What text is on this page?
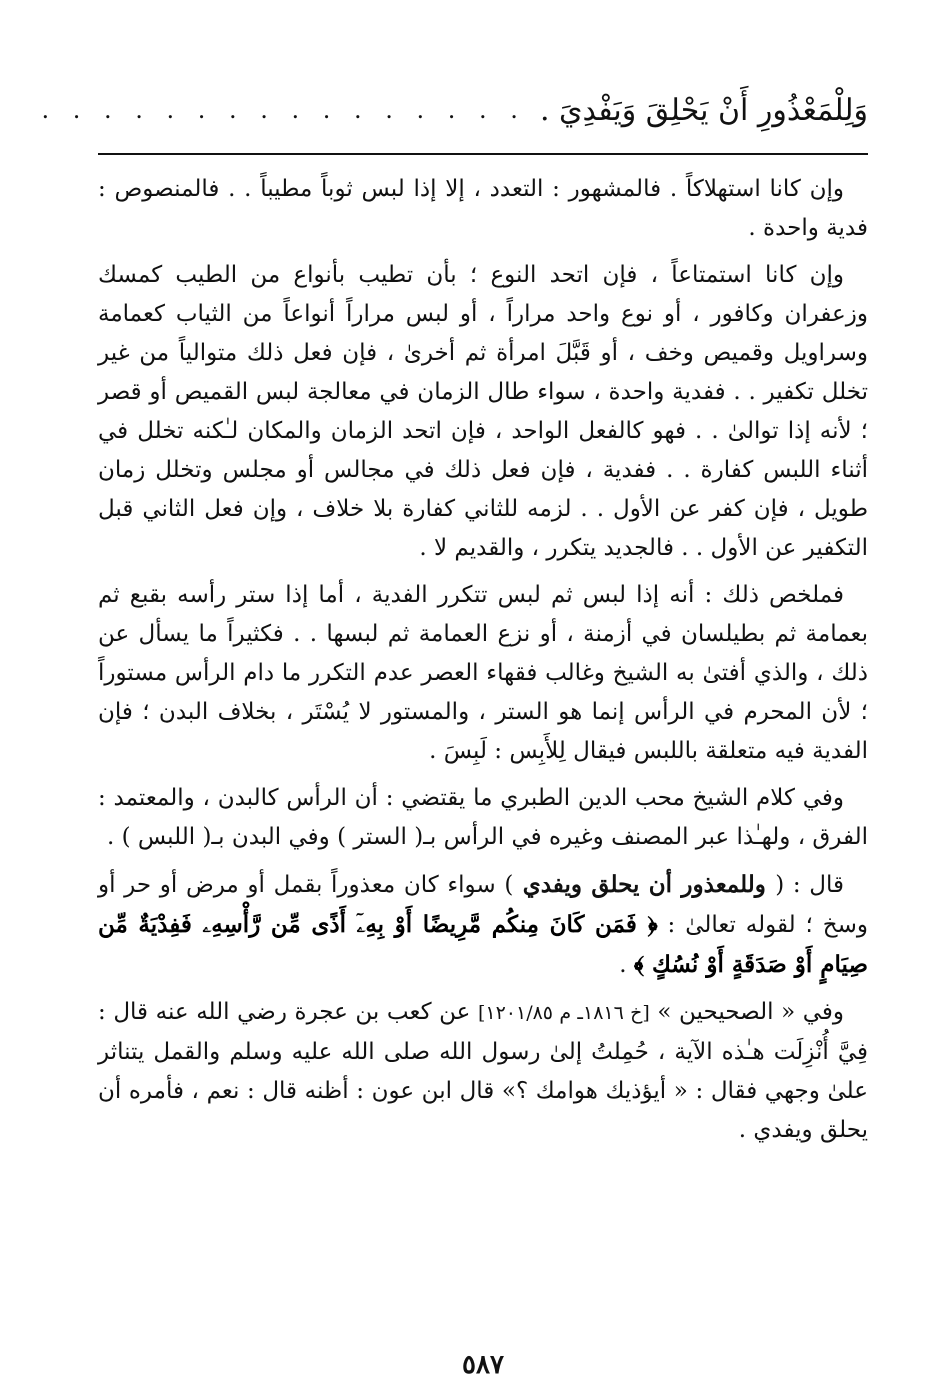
وَلِلْمَعْذُورِ أَنْ يَحْلِقَ وَيَفْدِيَ .
. . . . . . . . . . . . . . . .

وإن كانا استهلاكاً . فالمشهور : التعدد ، إلا إذا لبس ثوباً مطيباً . . فالمنصوص : فدية واحدة .

وإن كانا استمتاعاً ، فإن اتحد النوع ؛ بأن تطيب بأنواع من الطيب كمسك وزعفران وكافور ، أو نوع واحد مراراً ، أو لبس مراراً أنواعاً من الثياب كعمامة وسراويل وقميص وخف ، أو قَبَّلَ امرأة ثم أخرىٰ ، فإن فعل ذلك متوالياً من غير تخلل تكفير . . ففدية واحدة ، سواء طال الزمان في معالجة لبس القميص أو قصر ؛ لأنه إذا توالىٰ . . فهو كالفعل الواحد ، فإن اتحد الزمان والمكان لـٰكنه تخلل في أثناء اللبس كفارة . . ففدية ، فإن فعل ذلك في مجالس أو مجلس وتخلل زمان طويل ، فإن كفر عن الأول . . لزمه للثاني كفارة بلا خلاف ، وإن فعل الثاني قبل التكفير عن الأول . . فالجديد يتكرر ، والقديم لا .

فملخص ذلك : أنه إذا لبس ثم لبس تتكرر الفدية ، أما إذا ستر رأسه بقبع ثم بعمامة ثم بطيلسان في أزمنة ، أو نزع العمامة ثم لبسها . . فكثيراً ما يسأل عن ذلك ، والذي أفتىٰ به الشيخ وغالب فقهاء العصر عدم التكرر ما دام الرأس مستوراً ؛ لأن المحرم في الرأس إنما هو الستر ، والمستور لا يُسْتَر ، بخلاف البدن ؛ فإن الفدية فيه متعلقة باللبس فيقال لِلأَبِس : لَبِسَ .

وفي كلام الشيخ محب الدين الطبري ما يقتضي : أن الرأس كالبدن ، والمعتمد : الفرق ، ولهـٰذا عبر المصنف وغيره في الرأس بـ( الستر ) وفي البدن بـ( اللبس ) .

قال : ( وللمعذور أن يحلق ويفدي ) سواء كان معذوراً بقمل أو مرض أو حر أو وسخ ؛ لقوله تعالىٰ : ﴿ فَمَن كَانَ مِنكُم مَّرِيضًا أَوْ بِهِۦٓ أَذًى مِّن رَّأْسِهِۦ فَفِدْيَةٌ مِّن صِيَامٍ أَوْ صَدَقَةٍ أَوْ نُسُكٍ ﴾ .

وفي « الصحيحين » [خ ١٨١٦ـ م ١٢٠١/٨٥] عن كعب بن عجرة رضي الله عنه قال : فِيَّ أُنْزِلَت هـٰذه الآية ، حُمِلتُ إلىٰ رسول الله صلى الله عليه وسلم والقمل يتناثر علىٰ وجهي فقال : « أيؤذيك هوامك ؟» قال ابن عون : أظنه قال : نعم ، فأمره أن يحلق ويفدي .

٥٨٧
